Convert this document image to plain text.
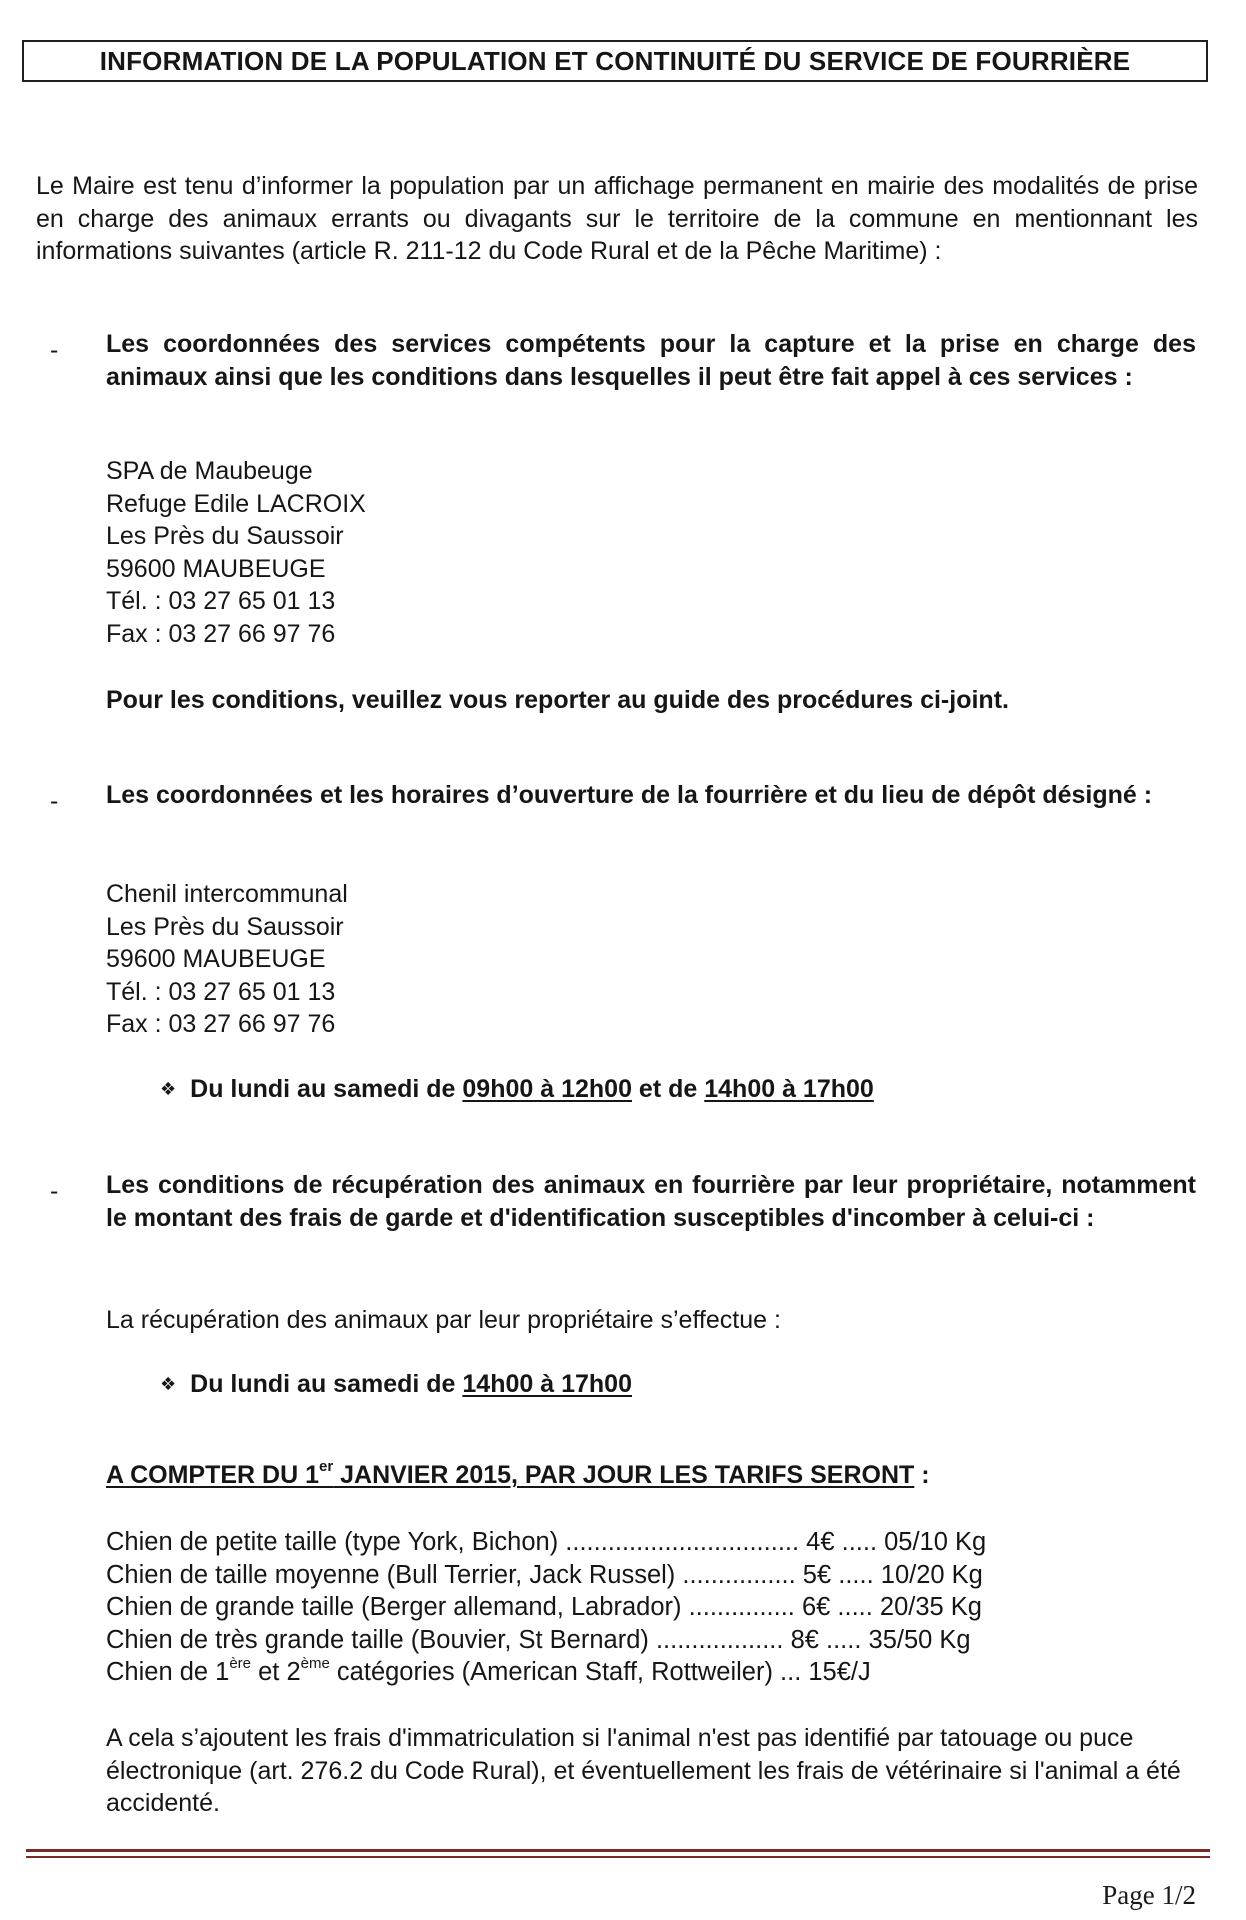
INFORMATION DE LA POPULATION ET CONTINUITÉ DU SERVICE DE FOURRIÈRE
Le Maire est tenu d’informer la population par un affichage permanent en mairie des modalités de prise en charge des animaux errants ou divagants sur le territoire de la commune en mentionnant les informations suivantes (article R. 211-12 du Code Rural et de la Pêche Maritime) :
- Les coordonnées des services compétents pour la capture et la prise en charge des animaux ainsi que les conditions dans lesquelles il peut être fait appel à ces services :
SPA de Maubeuge
Refuge Edile LACROIX
Les Près du Saussoir
59600 MAUBEUGE
Tél. : 03 27 65 01 13
Fax : 03 27 66 97 76
Pour les conditions, veuillez vous reporter au guide des procédures ci-joint.
- Les coordonnées et les horaires d’ouverture de la fourrière et du lieu de dépôt désigné :
Chenil intercommunal
Les Près du Saussoir
59600 MAUBEUGE
Tél. : 03 27 65 01 13
Fax : 03 27 66 97 76
❖ Du lundi au samedi de 09h00 à 12h00 et de 14h00 à 17h00
- Les conditions de récupération des animaux en fourrière par leur propriétaire, notamment le montant des frais de garde et d'identification susceptibles d'incomber à celui-ci :
La récupération des animaux par leur propriétaire s’effectue :
❖ Du lundi au samedi de 14h00 à 17h00
A COMPTER DU 1er JANVIER 2015, PAR JOUR LES TARIFS SERONT :
Chien de petite taille (type York, Bichon) ................................. 4€ ..... 05/10 Kg
Chien de taille moyenne (Bull Terrier, Jack Russel) ................ 5€ ..... 10/20 Kg
Chien de grande taille (Berger allemand, Labrador) ............... 6€ ..... 20/35 Kg
Chien de très grande taille (Bouvier, St Bernard) .................. 8€ ..... 35/50 Kg
Chien de 1ère et 2ème catégories (American Staff, Rottweiler) ... 15€/J
A cela s’ajoutent les frais d'immatriculation si l'animal n'est pas identifié par tatouage ou puce électronique (art. 276.2 du Code Rural), et éventuellement les frais de vétérinaire si l'animal a été accidenté.
Page 1/2
